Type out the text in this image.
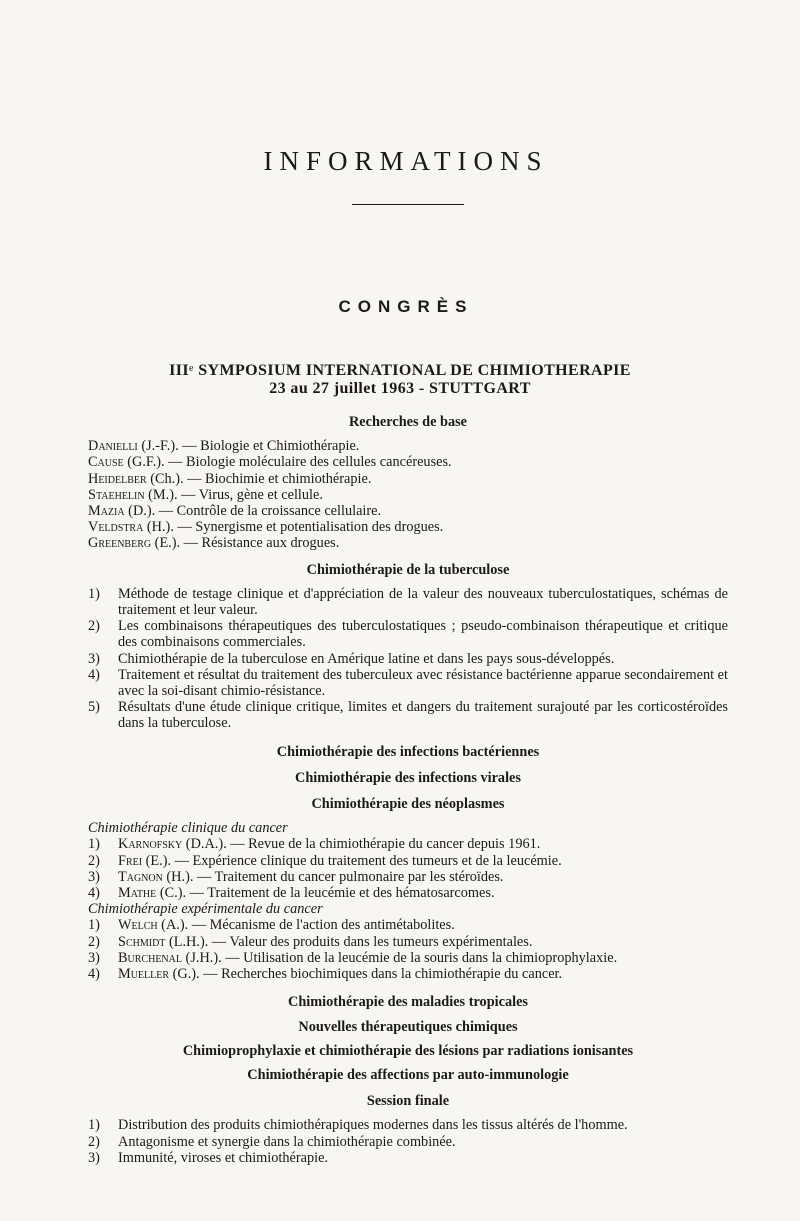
INFORMATIONS
CONGRÈS
IIIe SYMPOSIUM INTERNATIONAL DE CHIMIOTHERAPIE
23 au 27 juillet 1963 - STUTTGART
Recherches de base
Danielli (J.-F.). — Biologie et Chimiothérapie.
Cause (G.F.). — Biologie moléculaire des cellules cancéreuses.
Heidelber (Ch.). — Biochimie et chimiothérapie.
Staehelin (M.). — Virus, gène et cellule.
Mazia (D.). — Contrôle de la croissance cellulaire.
Veldstra (H.). — Synergisme et potentialisation des drogues.
Greenberg (E.). — Résistance aux drogues.
Chimiothérapie de la tuberculose
1)	Méthode de testage clinique et d'appréciation de la valeur des nouveaux tuberculostatiques, schémas de traitement et leur valeur.
2)	Les combinaisons thérapeutiques des tuberculostatiques ; pseudo-combinaison thérapeutique et critique des combinaisons commerciales.
3)	Chimiothérapie de la tuberculose en Amérique latine et dans les pays sous-développés.
4)	Traitement et résultat du traitement des tuberculeux avec résistance bactérienne apparue secondairement et avec la soi-disant chimio-résistance.
5)	Résultats d'une étude clinique critique, limites et dangers du traitement surajouté par les corticostéroïdes dans la tuberculose.
Chimiothérapie des infections bactériennes
Chimiothérapie des infections virales
Chimiothérapie des néoplasmes
Chimiothérapie clinique du cancer
1)	Karnofsky (D.A.). — Revue de la chimiothérapie du cancer depuis 1961.
2)	Frei (E.). — Expérience clinique du traitement des tumeurs et de la leucémie.
3)	Tagnon (H.). — Traitement du cancer pulmonaire par les stéroïdes.
4)	Mathe (C.). — Traitement de la leucémie et des hématosarcomes.
Chimiothérapie expérimentale du cancer
1)	Welch (A.). — Mécanisme de l'action des antimétabolites.
2)	Schmidt (L.H.). — Valeur des produits dans les tumeurs expérimentales.
3)	Burchenal (J.H.). — Utilisation de la leucémie de la souris dans la chimioprophylaxie.
4)	Mueller (G.). — Recherches biochimiques dans la chimiothérapie du cancer.
Chimiothérapie des maladies tropicales
Nouvelles thérapeutiques chimiques
Chimioprophylaxie et chimiothérapie des lésions par radiations ionisantes
Chimiothérapie des affections par auto-immunologie
Session finale
1)	Distribution des produits chimiothérapiques modernes dans les tissus altérés de l'homme.
2)	Antagonisme et synergie dans la chimiothérapie combinée.
3)	Immunité, viroses et chimiothérapie.
